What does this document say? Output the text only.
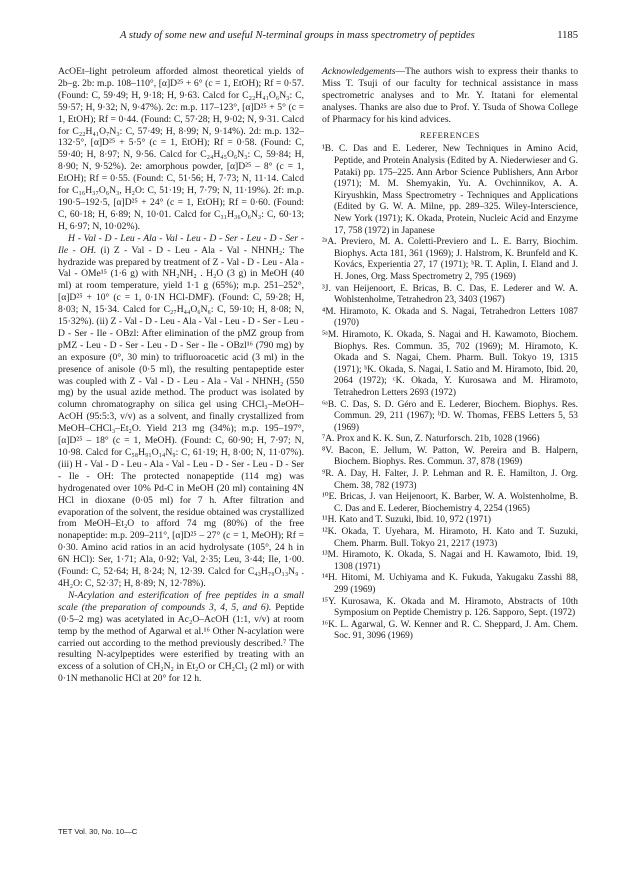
A study of some new and useful N-terminal groups in mass spectrometry of peptides	1185

AcOEt–light petroleum afforded almost theoretical yields of 2b–g. 2b: m.p. 108–110°, [α]D²⁵ + 6° (c = 1, EtOH); Rf = 0·57. (Found: C, 59·49; H, 9·18; H, 9·63. Calcd for C₂₂H₄₁O₆N₃: C, 59·57; H, 9·32; N, 9·47%). 2c: m.p. 117–123°, [α]D²⁵ + 5° (c = 1, EtOH); Rf = 0·44. (Found: C, 57·28; H, 9·02; N, 9·31. Calcd for C₂₂H₄₁O₇N₃: C, 57·49; H, 8·99; N, 9·14%). 2d: m.p. 132–132·5°, [α]D²⁵ + 5·5° (c = 1, EtOH); Rf = 0·58. (Found: C, 59·40; H, 8·97; N, 9·56. Calcd for C₂₄H₄₅O₆N₃: C, 59·84; H, 8·90; N, 9·52%). 2e: amorphous powder, [α]D²⁵ – 8° (c = 1, EtOH); Rf = 0·55. (Found: C, 51·56; H, 7·73; N, 11·14. Calcd for C₁₆H₃₇O₆N₃, H₂O: C, 51·19; H, 7·79; N, 11·19%). 2f: m.p. 190·5–192·5, [α]D²⁵ + 24° (c = 1, EtOH); Rf = 0·60. (Found: C, 60·18; H, 6·89; N, 10·01. Calcd for C₃₁H₃₆O₆N₃: C, 60·13; H, 6·97; N, 10·02%).

H - Val - D - Leu - Ala - Val - Leu - D - Ser - Leu - D - Ser - Ile - OH. (i) Z - Val - D - Leu - Ala - Val - NHNH₂: The hydrazide was prepared by treatment of Z - Val - D - Leu - Ala - Val - OMe¹⁵ (1·6 g) with NH₂NH₂ . H₂O (3 g) in MeOH (40 ml) at room temperature, yield 1·1 g (65%); m.p. 251–252°, [α]D²⁵ + 10° (c = 1, 0·1N HCl-DMF). (Found: C, 59·28; H, 8·03; N, 15·34. Calcd for C₂₇H₄₄O₆N₆: C, 59·10; H, 8·08; N, 15·32%). (ii) Z - Val - D - Leu - Ala - Val - Leu - D - Ser - Leu - D - Ser - Ile - OBzl: After elimination of the pMZ group from pMZ - Leu - D - Ser - Leu - D - Ser - Ile - OBzl¹⁶ (790 mg) by an exposure (0°, 30 min) to trifluoroacetic acid (3 ml) in the presence of anisole (0·5 ml), the resulting pentapeptide ester was coupled with Z - Val - D - Leu - Ala - Val - NHNH₂ (550 mg) by the usual azide method. The product was isolated by column chromatography on silica gel using CHCl₃–MeOH–AcOH (95:5:3, v/v) as a solvent, and finally crystallized from MeOH–CHCl₃–Et₂O. Yield 213 mg (34%); m.p. 195–197°, [α]D²⁵ – 18° (c = 1, MeOH). (Found: C, 60·90; H, 7·97; N, 10·98. Calcd for C₅₈H₉₁O₁₄N₉: C, 61·19; H, 8·00; N, 11·07%). (iii) H - Val - D - Leu - Ala - Val - Leu - D - Ser - Leu - D - Ser - Ile - OH: The protected nonapeptide (114 mg) was hydrogenated over 10% Pd-C in MeOH (20 ml) containing 4N HCl in dioxane (0·05 ml) for 7 h. After filtration and evaporation of the solvent, the residue obtained was crystallized from MeOH–Et₂O to afford 74 mg (80%) of the free nonapeptide: m.p. 209–211°, [α]D²⁵ – 27° (c = 1, MeOH); Rf = 0·30. Amino acid ratios in an acid hydrolysate (105°, 24 h in 6N HCl): Ser, 1·71; Ala, 0·92; Val, 2·35; Leu, 3·44; Ile, 1·00. (Found: C, 52·64; H, 8·24; N, 12·39. Calcd for C₄₃H₇₉O₁₃N₉ . 4H₂O: C, 52·37; H, 8·89; N, 12·78%).

N-Acylation and esterification of free peptides in a small scale (the preparation of compounds 3, 4, 5, and 6). Peptide (0·5–2 mg) was acetylated in Ac₂O–AcOH (1:1, v/v) at room temp by the method of Agarwal et al.¹⁶ Other N-acylation were carried out according to the method previously described.⁷ The resulting N-acylpeptides were esterified by treating with an excess of a solution of CH₂N₂ in Et₂O or CH₂Cl₂ (2 ml) or with 0·1N methanolic HCl at 20° for 12 h.

Acknowledgements—The authors wish to express their thanks to Miss T. Tsuji of our faculty for technical assistance in mass spectrometric analyses and to Mr. Y. Itatani for elemental analyses. Thanks are also due to Prof. Y. Tsuda of Showa College of Pharmacy for his kind advices.

REFERENCES

¹B. C. Das and E. Lederer, New Techniques in Amino Acid, Peptide, and Protein Analysis (Edited by A. Niederwieser and G. Pataki) pp. 175–225. Ann Arbor Science Publishers, Ann Arbor (1971); M. M. Shemyakin, Yu. A. Ovchinnikov, A. A. Kiryushkin, Mass Spectrometry - Techniques and Applications (Edited by G. W. A. Milne, pp. 289–325. Wiley-Interscience, New York (1971); K. Okada, Protein, Nucleic Acid and Enzyme 17, 758 (1972) in Japanese

²ᵃA. Previero, M. A. Coletti-Previero and L. E. Barry, Biochim. Biophys. Acta 181, 361 (1969); J. Halstrom, K. Brunfeld and K. Kovács, Experientia 27, 17 (1971); ᵇR. T. Aplin, I. Eland and J. H. Jones, Org. Mass Spectrometry 2, 795 (1969)

³J. van Heijenoort, E. Bricas, B. C. Das, E. Lederer and W. A. Wohlstenholme, Tetrahedron 23, 3403 (1967)

⁴M. Hiramoto, K. Okada and S. Nagai, Tetrahedron Letters 1087 (1970)

⁵ᵃM. Hiramoto, K. Okada, S. Nagai and H. Kawamoto, Biochem. Biophys. Res. Commun. 35, 702 (1969); M. Hiramoto, K. Okada and S. Nagai, Chem. Pharm. Bull. Tokyo 19, 1315 (1971); ᵇK. Okada, S. Nagai, I. Satio and M. Hiramoto, Ibid. 20, 2064 (1972); ᶜK. Okada, Y. Kurosawa and M. Hiramoto, Tetrahedron Letters 2693 (1972)

⁶ᵃB. C. Das, S. D. Géro and E. Lederer, Biochem. Biophys. Res. Commun. 29, 211 (1967); ᵇD. W. Thomas, FEBS Letters 5, 53 (1969)

⁷A. Prox and K. K. Sun, Z. Naturforsch. 21b, 1028 (1966)

⁸V. Bacon, E. Jellum, W. Patton, W. Pereira and B. Halpern, Biochem. Biophys. Res. Commun. 37, 878 (1969)

⁹R. A. Day, H. Falter, J. P. Lehman and R. E. Hamilton, J. Org. Chem. 38, 782 (1973)

¹⁰E. Bricas, J. van Heijenoort, K. Barber, W. A. Wolstenholme, B. C. Das and E. Lederer, Biochemistry 4, 2254 (1965)

¹¹H. Kato and T. Suzuki, Ibid. 10, 972 (1971)

¹²K. Okada, T. Uyehara, M. Hiramoto, H. Kato and T. Suzuki, Chem. Pharm. Bull. Tokyo 21, 2217 (1973)

¹³M. Hiramoto, K. Okada, S. Nagai and H. Kawamoto, Ibid. 19, 1308 (1971)

¹⁴H. Hitomi, M. Uchiyama and K. Fukuda, Yakugaku Zasshi 88, 299 (1969)

¹⁵Y. Kurosawa, K. Okada and M. Hiramoto, Abstracts of 10th Symposium on Peptide Chemistry p. 126. Sapporo, Sept. (1972)

¹⁶K. L. Agarwal, G. W. Kenner and R. C. Sheppard, J. Am. Chem. Soc. 91, 3096 (1969)

TET Vol. 30, No. 10—C
